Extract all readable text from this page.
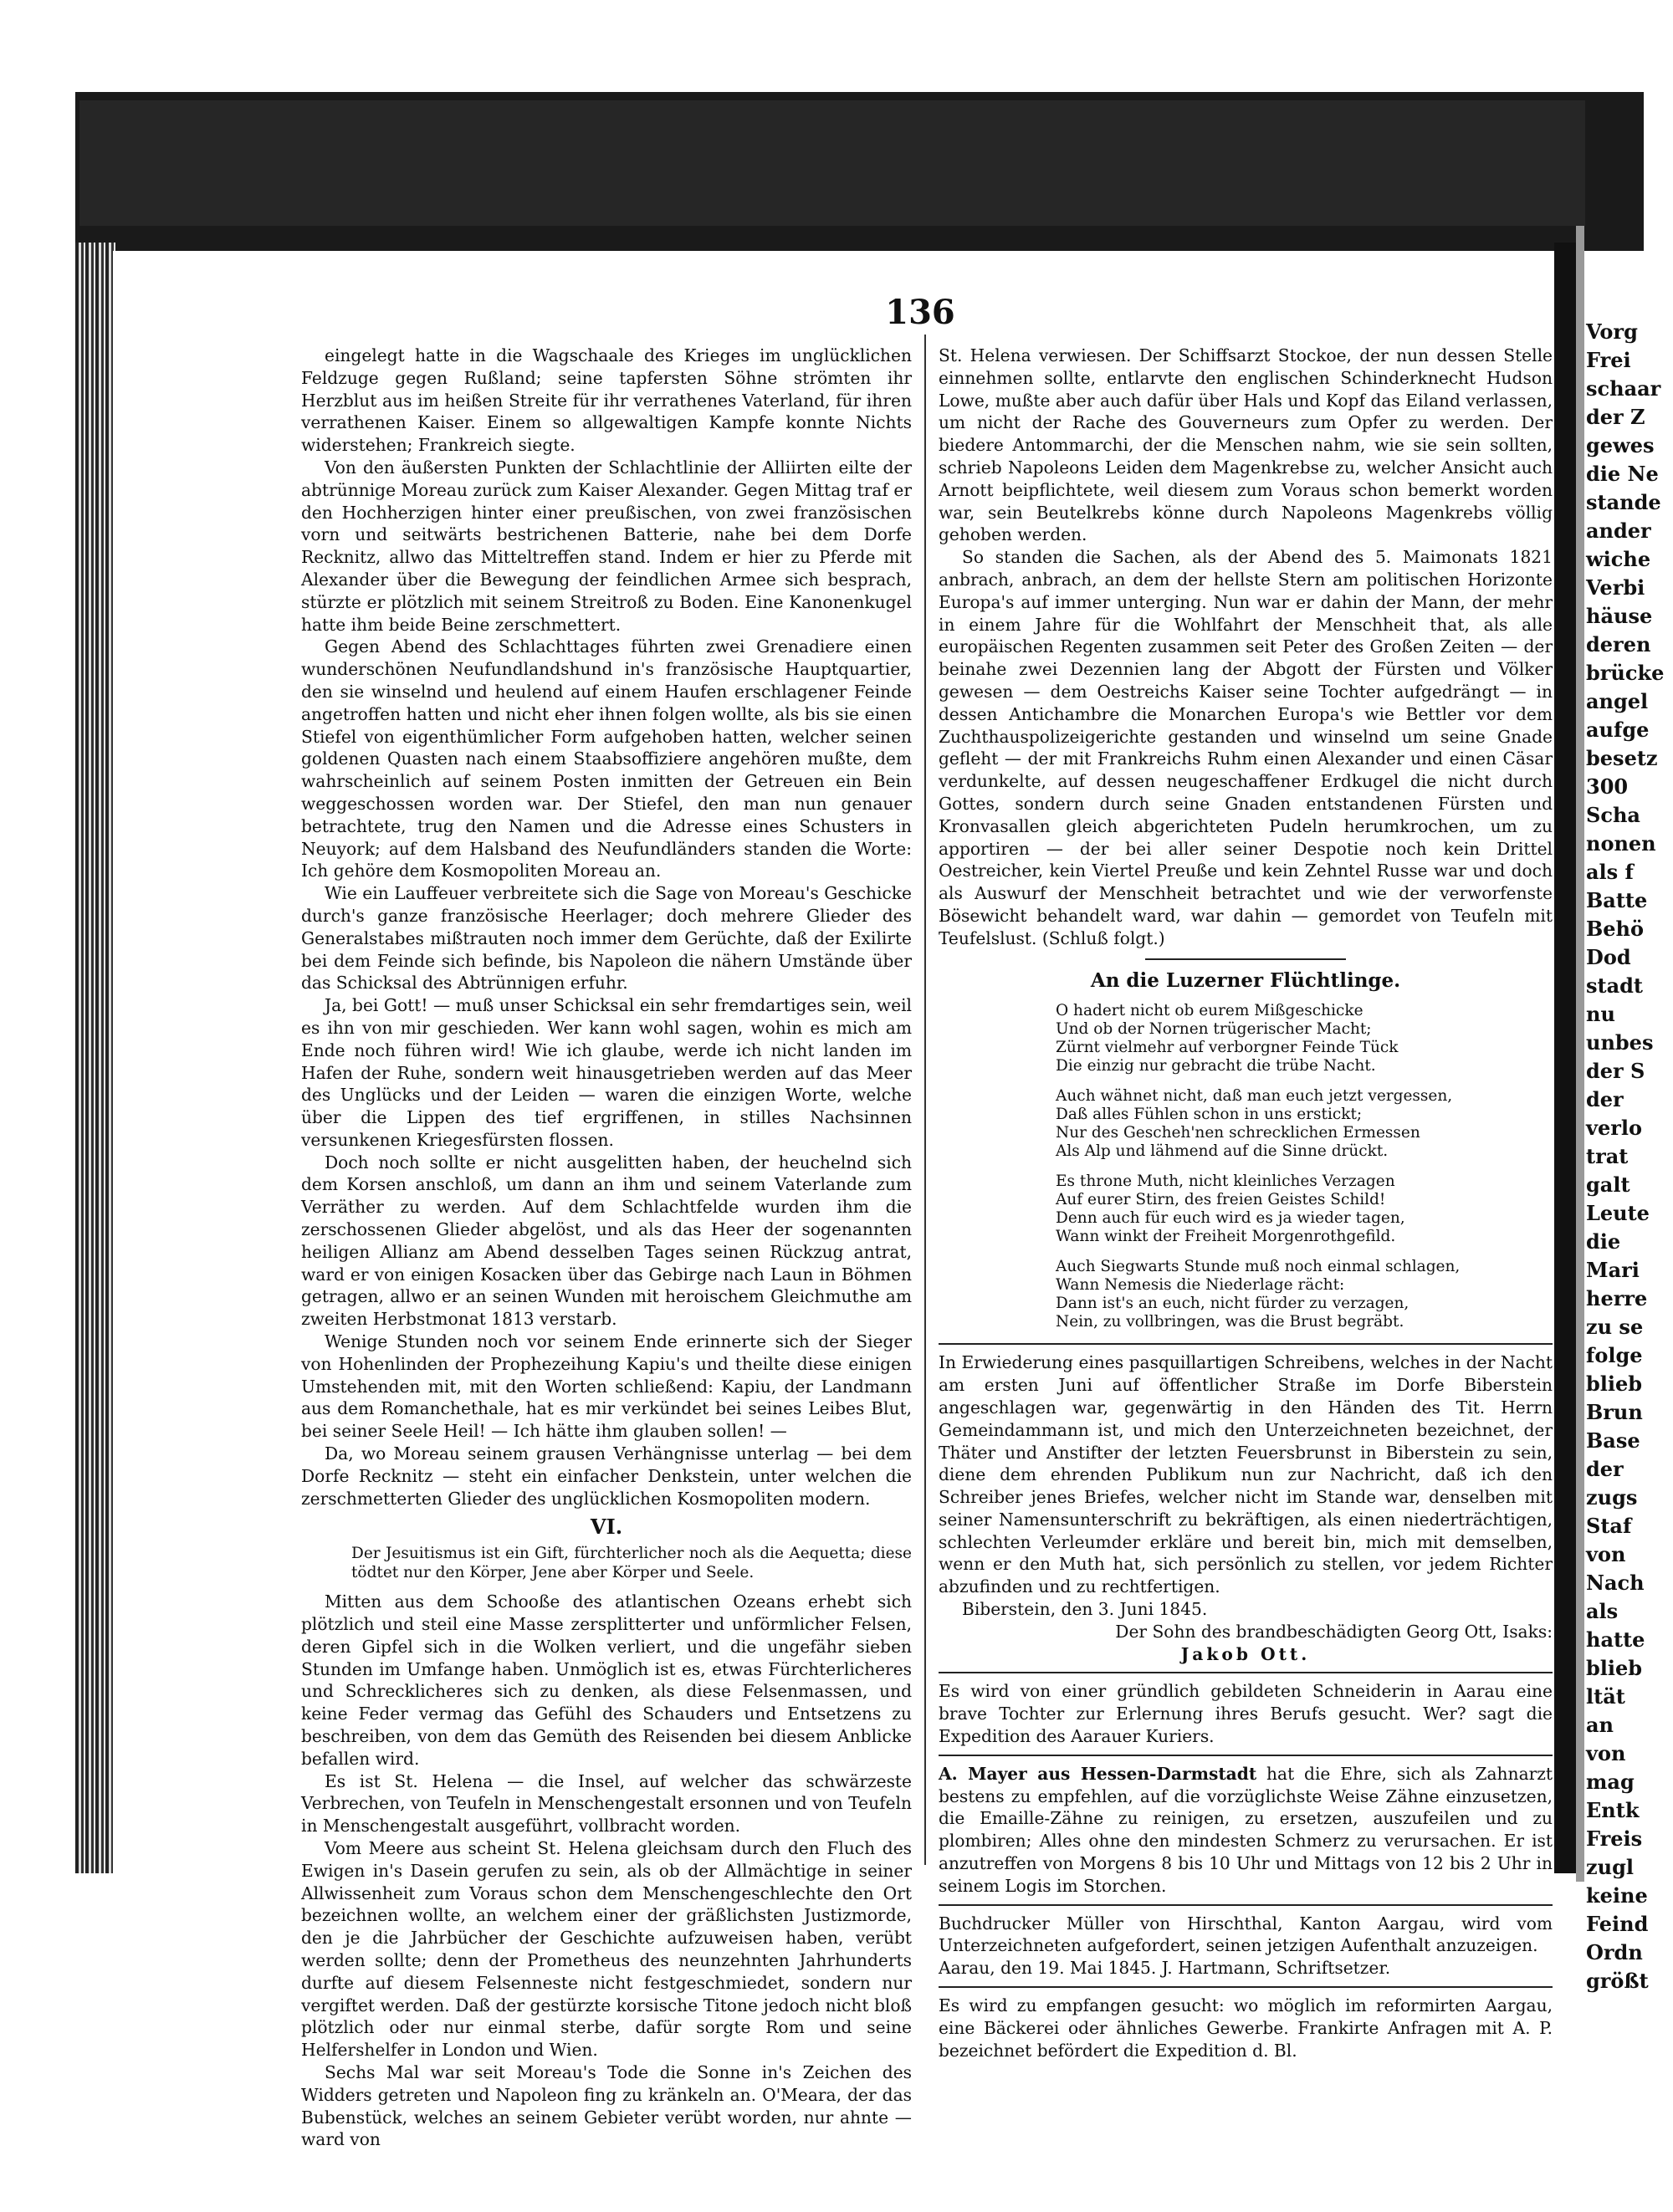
136

eingelegt hatte in die Wagschaale des Krieges im unglücklichen Feldzuge gegen Rußland; seine tapfersten Söhne strömten ihr Herzblut aus im heißen Streite für ihr verrathenes Vaterland, für ihren verrathenen Kaiser. Einem so allgewaltigen Kampfe konnte Nichts widerstehen; Frankreich siegte.

Von den äußersten Punkten der Schlachtlinie der Alliirten eilte der abtrünnige Moreau zurück zum Kaiser Alexander. Gegen Mittag traf er den Hochherzigen hinter einer preußischen, von zwei französischen vorn und seitwärts bestrichenen Batterie, nahe bei dem Dorfe Recknitz, allwo das Mitteltreffen stand. Indem er hier zu Pferde mit Alexander über die Bewegung der feindlichen Armee sich besprach, stürzte er plötzlich mit seinem Streitroß zu Boden. Eine Kanonenkugel hatte ihm beide Beine zerschmettert.

Gegen Abend des Schlachttages führten zwei Grenadiere einen wunderschönen Neufundlandshund in's französische Hauptquartier, den sie winselnd und heulend auf einem Haufen erschlagener Feinde angetroffen hatten und nicht eher ihnen folgen wollte, als bis sie einen Stiefel von eigenthümlicher Form aufgehoben hatten, welcher seinen goldenen Quasten nach einem Staabsoffiziere angehören mußte, dem wahrscheinlich auf seinem Posten inmitten der Getreuen ein Bein weggeschossen worden war. Der Stiefel, den man nun genauer betrachtete, trug den Namen und die Adresse eines Schusters in Neuyork; auf dem Halsband des Neufundländers standen die Worte: Ich gehöre dem Kosmopoliten Moreau an.

Wie ein Lauffeuer verbreitete sich die Sage von Moreau's Geschicke durch's ganze französische Heerlager; doch mehrere Glieder des Generalstabes mißtrauten noch immer dem Gerüchte, daß der Exilirte bei dem Feinde sich befinde, bis Napoleon die nähern Umstände über das Schicksal des Abtrünnigen erfuhr.

Ja, bei Gott! — muß unser Schicksal ein sehr fremdartiges sein, weil es ihn von mir geschieden. Wer kann wohl sagen, wohin es mich am Ende noch führen wird! Wie ich glaube, werde ich nicht landen im Hafen der Ruhe, sondern weit hinausgetrieben werden auf das Meer des Unglücks und der Leiden — waren die einzigen Worte, welche über die Lippen des tief ergriffenen, in stilles Nachsinnen versunkenen Kriegesfürsten flossen.

Doch noch sollte er nicht ausgelitten haben, der heuchelnd sich dem Korsen anschloß, um dann an ihm und seinem Vaterlande zum Verräther zu werden. Auf dem Schlachtfelde wurden ihm die zerschossenen Glieder abgelöst, und als das Heer der sogenannten heiligen Allianz am Abend desselben Tages seinen Rückzug antrat, ward er von einigen Kosacken über das Gebirge nach Laun in Böhmen getragen, allwo er an seinen Wunden mit heroischem Gleichmuthe am zweiten Herbstmonat 1813 verstarb.

Wenige Stunden noch vor seinem Ende erinnerte sich der Sieger von Hohenlinden der Prophezeihung Kapiu's und theilte diese einigen Umstehenden mit, mit den Worten schließend: Kapiu, der Landmann aus dem Romanchethale, hat es mir verkündet bei seines Leibes Blut, bei seiner Seele Heil! — Ich hätte ihm glauben sollen! —

Da, wo Moreau seinem grausen Verhängnisse unterlag — bei dem Dorfe Recknitz — steht ein einfacher Denkstein, unter welchen die zerschmetterten Glieder des unglücklichen Kosmopoliten modern.

VI.
Der Jesuitismus ist ein Gift, fürchterlicher noch als die Aequetta; diese tödtet nur den Körper, Jene aber Körper und Seele.

Mitten aus dem Schooße des atlantischen Ozeans erhebt sich plötzlich und steil eine Masse zersplitterter und unförmlicher Felsen, deren Gipfel sich in die Wolken verliert, und die ungefähr sieben Stunden im Umfange haben. Unmöglich ist es, etwas Fürchterlicheres und Schrecklicheres sich zu denken, als diese Felsenmassen, und keine Feder vermag das Gefühl des Schauders und Entsetzens zu beschreiben, von dem das Gemüth des Reisenden bei diesem Anblicke befallen wird.

Es ist St. Helena — die Insel, auf welcher das schwärzeste Verbrechen, von Teufeln in Menschengestalt ersonnen und von Teufeln in Menschengestalt ausgeführt, vollbracht worden.

Vom Meere aus scheint St. Helena gleichsam durch den Fluch des Ewigen in's Dasein gerufen zu sein, als ob der Allmächtige in seiner Allwissenheit zum Voraus schon dem Menschengeschlechte den Ort bezeichnen wollte, an welchem einer der gräßlichsten Justizmorde, den je die Jahrbücher der Geschichte aufzuweisen haben, verübt werden sollte; denn der Prometheus des neunzehnten Jahrhunderts durfte auf diesem Felsenneste nicht festgeschmiedet, sondern nur vergiftet werden. Daß der gestürzte korsische Titone jedoch nicht bloß plötzlich oder nur einmal sterbe, dafür sorgte Rom und seine Helfershelfer in London und Wien.

Sechs Mal war seit Moreau's Tode die Sonne in's Zeichen des Widders getreten und Napoleon fing zu kränkeln an. O'Meara, der das Bubenstück, welches an seinem Gebieter verübt worden, nur ahnte — ward von

St. Helena verwiesen. Der Schiffsarzt Stockoe, der nun dessen Stelle einnehmen sollte, entlarvte den englischen Schinderknecht Hudson Lowe, mußte aber auch dafür über Hals und Kopf das Eiland verlassen, um nicht der Rache des Gouverneurs zum Opfer zu werden. Der biedere Antommarchi, der die Menschen nahm, wie sie sein sollten, schrieb Napoleons Leiden dem Magenkrebse zu, welcher Ansicht auch Arnott beipflichtete, weil diesem zum Voraus schon bemerkt worden war, sein Beutelkrebs könne durch Napoleons Magenkrebs völlig gehoben werden.

So standen die Sachen, als der Abend des 5. Maimonats 1821 anbrach, anbrach, an dem der hellste Stern am politischen Horizonte Europa's auf immer unterging. Nun war er dahin der Mann, der mehr in einem Jahre für die Wohlfahrt der Menschheit that, als alle europäischen Regenten zusammen seit Peter des Großen Zeiten — der beinahe zwei Dezennien lang der Abgott der Fürsten und Völker gewesen — dem Oestreichs Kaiser seine Tochter aufgedrängt — in dessen Antichambre die Monarchen Europa's wie Bettler vor dem Zuchthauspolizeigerichte gestanden und winselnd um seine Gnade gefleht — der mit Frankreichs Ruhm einen Alexander und einen Cäsar verdunkelte, auf dessen neugeschaffener Erdkugel die nicht durch Gottes, sondern durch seine Gnaden entstandenen Fürsten und Kronvasallen gleich abgerichteten Pudeln herumkrochen, um zu apportiren — der bei aller seiner Despotie noch kein Drittel Oestreicher, kein Viertel Preuße und kein Zehntel Russe war und doch als Auswurf der Menschheit betrachtet und wie der verworfenste Bösewicht behandelt ward, war dahin — gemordet von Teufeln mit Teufelslust. (Schluß folgt.)

An die Luzerner Flüchtlinge.
O hadert nicht ob eurem Mißgeschicke
Und ob der Nornen trügerischer Macht;
Zürnt vielmehr auf verborgner Feinde Tück
Die einzig nur gebracht die trübe Nacht.
Auch wähnet nicht, daß man euch jetzt vergessen,
Daß alles Fühlen schon in uns erstickt;
Nur des Gescheh'nen schrecklichen Ermessen
Als Alp und lähmend auf die Sinne drückt.
Es throne Muth, nicht kleinliches Verzagen
Auf eurer Stirn, des freien Geistes Schild!
Denn auch für euch wird es ja wieder tagen,
Wann winkt der Freiheit Morgenrothgefild.
Auch Siegwarts Stunde muß noch einmal schlagen,
Wann Nemesis die Niederlage rächt:
Dann ist's an euch, nicht fürder zu verzagen,
Nein, zu vollbringen, was die Brust begräbt.

In Erwiederung eines pasquillartigen Schreibens, welches in der Nacht am ersten Juni auf öffentlicher Straße im Dorfe Biberstein angeschlagen war, gegenwärtig in den Händen des Tit. Herrn Gemeindammann ist, und mich den Unterzeichneten bezeichnet, der Thäter und Anstifter der letzten Feuersbrunst in Biberstein zu sein, diene dem ehrenden Publikum nun zur Nachricht, daß ich den Schreiber jenes Briefes, welcher nicht im Stande war, denselben mit seiner Namensunterschrift zu bekräftigen, als einen niederträchtigen, schlechten Verleumder erkläre und bereit bin, mich mit demselben, wenn er den Muth hat, sich persönlich zu stellen, vor jedem Richter abzufinden und zu rechtfertigen.

Biberstein, den 3. Juni 1845.

Der Sohn des brandbeschädigten Georg Ott, Isaks:

Jakob Ott.

Es wird von einer gründlich gebildeten Schneiderin in Aarau eine brave Tochter zur Erlernung ihres Berufs gesucht. Wer? sagt die Expedition des Aarauer Kuriers.

A. Mayer aus Hessen-Darmstadt hat die Ehre, sich als Zahnarzt bestens zu empfehlen, auf die vorzüglichste Weise Zähne einzusetzen, die Emaille-Zähne zu reinigen, zu ersetzen, auszufeilen und zu plombiren; Alles ohne den mindesten Schmerz zu verursachen. Er ist anzutreffen von Morgens 8 bis 10 Uhr und Mittags von 12 bis 2 Uhr in seinem Logis im Storchen.

Buchdrucker Müller von Hirschthal, Kanton Aargau, wird vom Unterzeichneten aufgefordert, seinen jetzigen Aufenthalt anzuzeigen.

Aarau, den 19. Mai 1845. J. Hartmann, Schriftsetzer.

Es wird zu empfangen gesucht: wo möglich im reformirten Aargau, eine Bäckerei oder ähnliches Gewerbe. Frankirte Anfragen mit A. P. bezeichnet befördert die Expedition d. Bl.

Vorg
Frei
schaar
der Z
gewes
die Ne
stande
ander
wiche
Verbi
häuse
deren
brücke
angel
aufge
besetz
300
Scha
nonen
als f
Batte
Behö
Dod
stadt
nu
unbes
der S
der
verlo
trat
galt
Leute
die
Mari
herre
zu se
folge
blieb
Brun
Base
der
zugs
Staf
von
Nach
als
hatte
blieb
ltät
an
von
mag
Entk
Freis
zugl
keine
Feind
Ordn
größt
